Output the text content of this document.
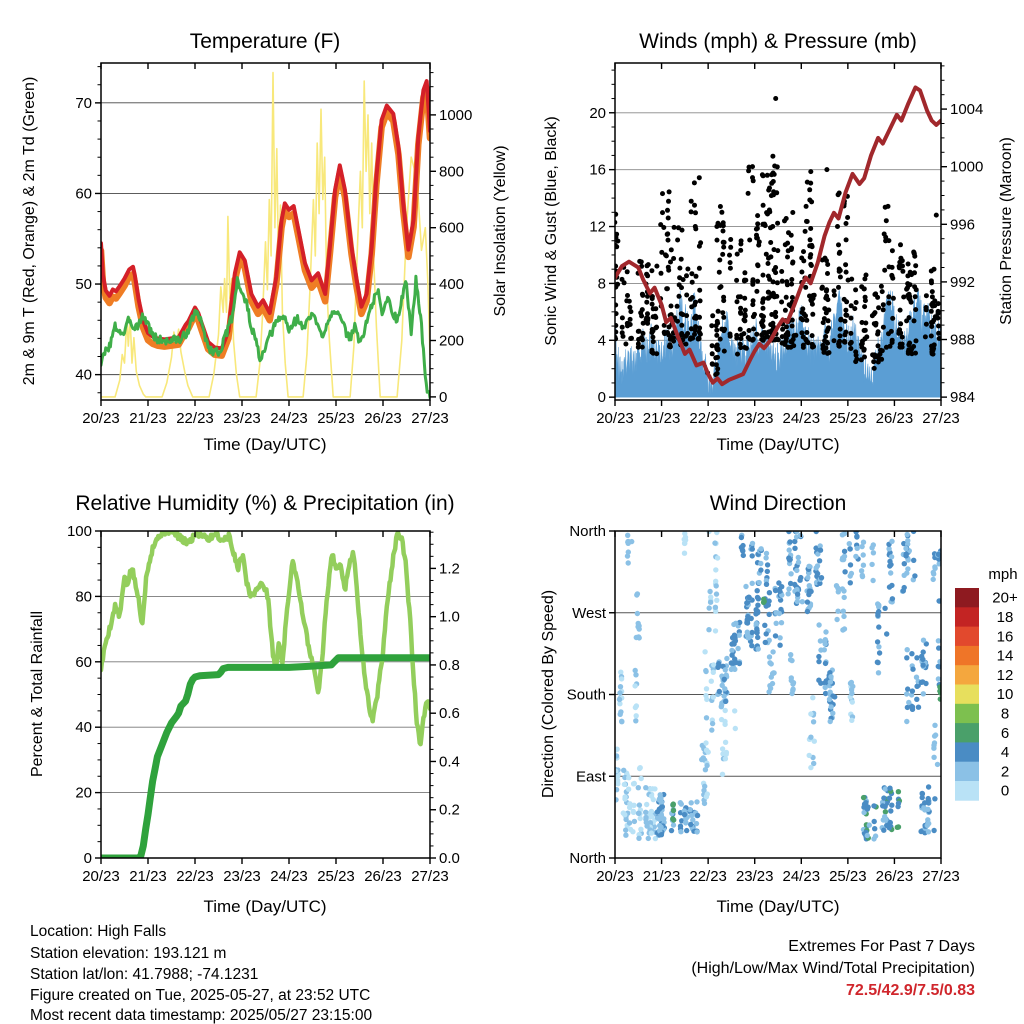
20/23 21/23 22/23 23/23 24/23 25/23 26/23 27/23
40
50
60
70
0
200
400
600
800
1000
20/23 21/23 22/23 23/23 24/23 25/23 26/23 27/23
0
4
8
12
16
20
984
988
992
996
1000
1004
20/23 21/23 22/23 23/23 24/23 25/23 26/23 27/23
0
20
40
60
80
100
0.0
0.2
0.4
0.6
0.8
1.0
1.2
20/23 21/23 22/23 23/23 24/23 25/23 26/23 27/23
North
West
South
East
North
20+
18
16
14
12
10
8
6
4
2
0
Temperature (F)	Winds (mph) & Pressure (mb)
Relative Humidity (%) & Precipitation (in)	Wind Direction
Time (Day/UTC)	Time (Day/UTC)
Time (Day/UTC)	Time (Day/UTC)
2m & 9m T (Red, Orange) & 2m Td (Green)	Solar Insolation (Yellow) Sonic Wind & Gust (Blue, Black)	Station Pressure (Maroon)
Percent & Total Rainfall	Direction (Colored By Speed)
mph
Location: High Falls
Station elevation: 193.121 m
Station lat/lon: 41.7988; -74.1231
Figure created on Tue, 2025-05-27, at 23:52 UTC
Most recent data timestamp: 2025/05/27 23:15:00
Extremes For Past 7 Days
(High/Low/Max Wind/Total Precipitation)
72.5/42.9/7.5/0.83
